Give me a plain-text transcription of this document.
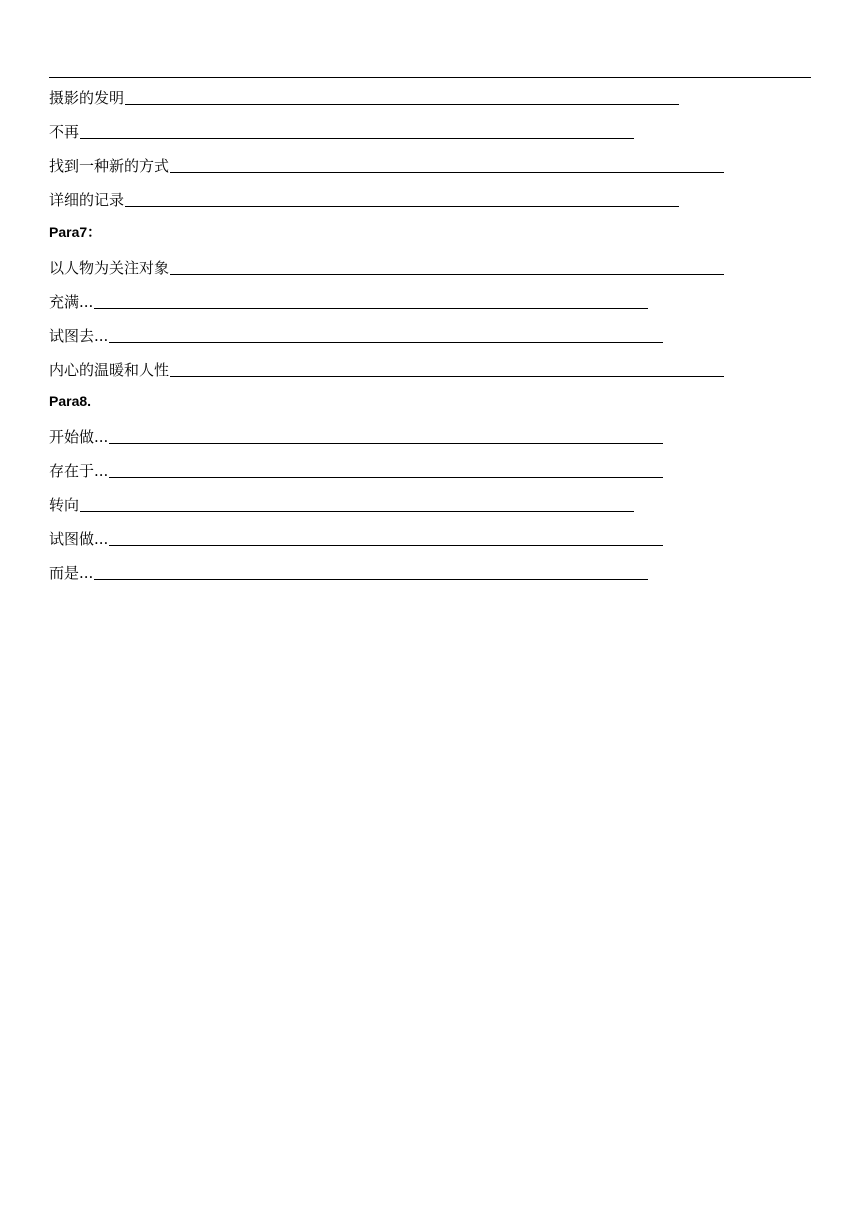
摄影的发明
不再
找到一种新的方式
详细的记录
Para7：
以人物为关注对象
充满...
试图去...
内心的温暖和人性
Para8.
开始做...
存在于...
转向
试图做...
而是...
